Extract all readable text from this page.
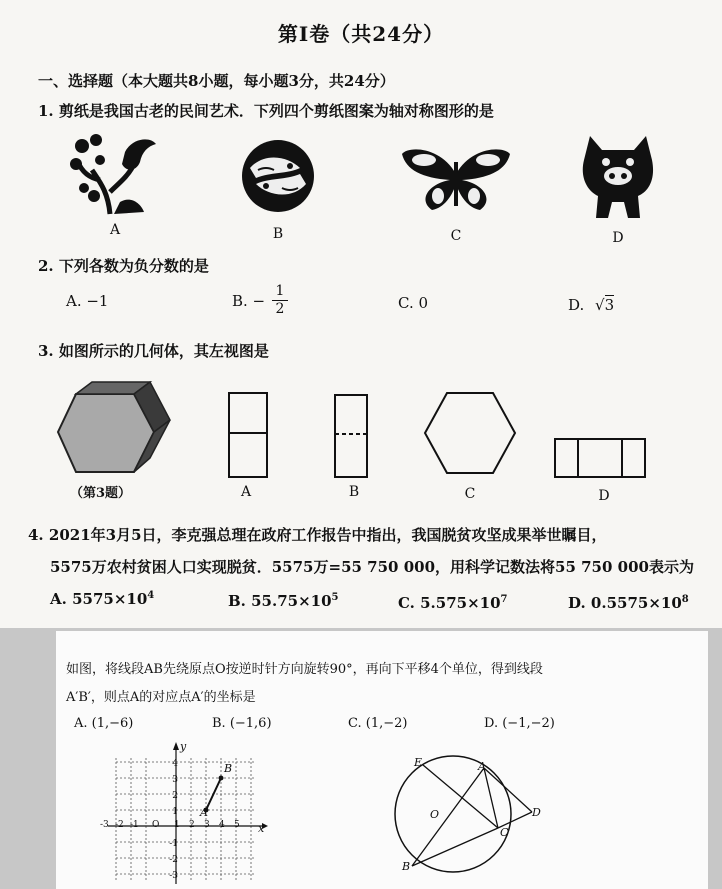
第Ⅰ卷（共24分）
一、选择题（本大题共8小题，每小题3分，共24分）
1. 剪纸是我国古老的民间艺术．下列四个剪纸图案为轴对称图形的是
A	B	C	D
2. 下列各数为负分数的是
A. −1	B. − $\frac{1}{2}$	C. 0	D. √3
3. 如图所示的几何体，其左视图是
（第3题）	A	B	C	D
4. 2021年3月5日，李克强总理在政府工作报告中指出，我国脱贫攻坚成果举世瞩目，
5575万农村贫困人口实现脱贫．5575万=55 750 000，用科学记数法将55 750 000表示为
A. $5575\times 10^4$	B. $55.75\times 10^5$	C. $5.575\times 10^7$	D. $0.5575\times 10^8$
如图，将线段AB先绕原点O按逆时针方向旋转90°，再向下平移4个单位，得到线段
A′B′，则点A的对应点A′的坐标是
A. (1,−6)	B. (−1,6)	C. (1,−2)	D. (−1,−2)
-3 -2 -1	O	1	2	3	4	5
4
3
2
1
-1
-2
-3
x
y
B
A
E	A
O	D
C
B
